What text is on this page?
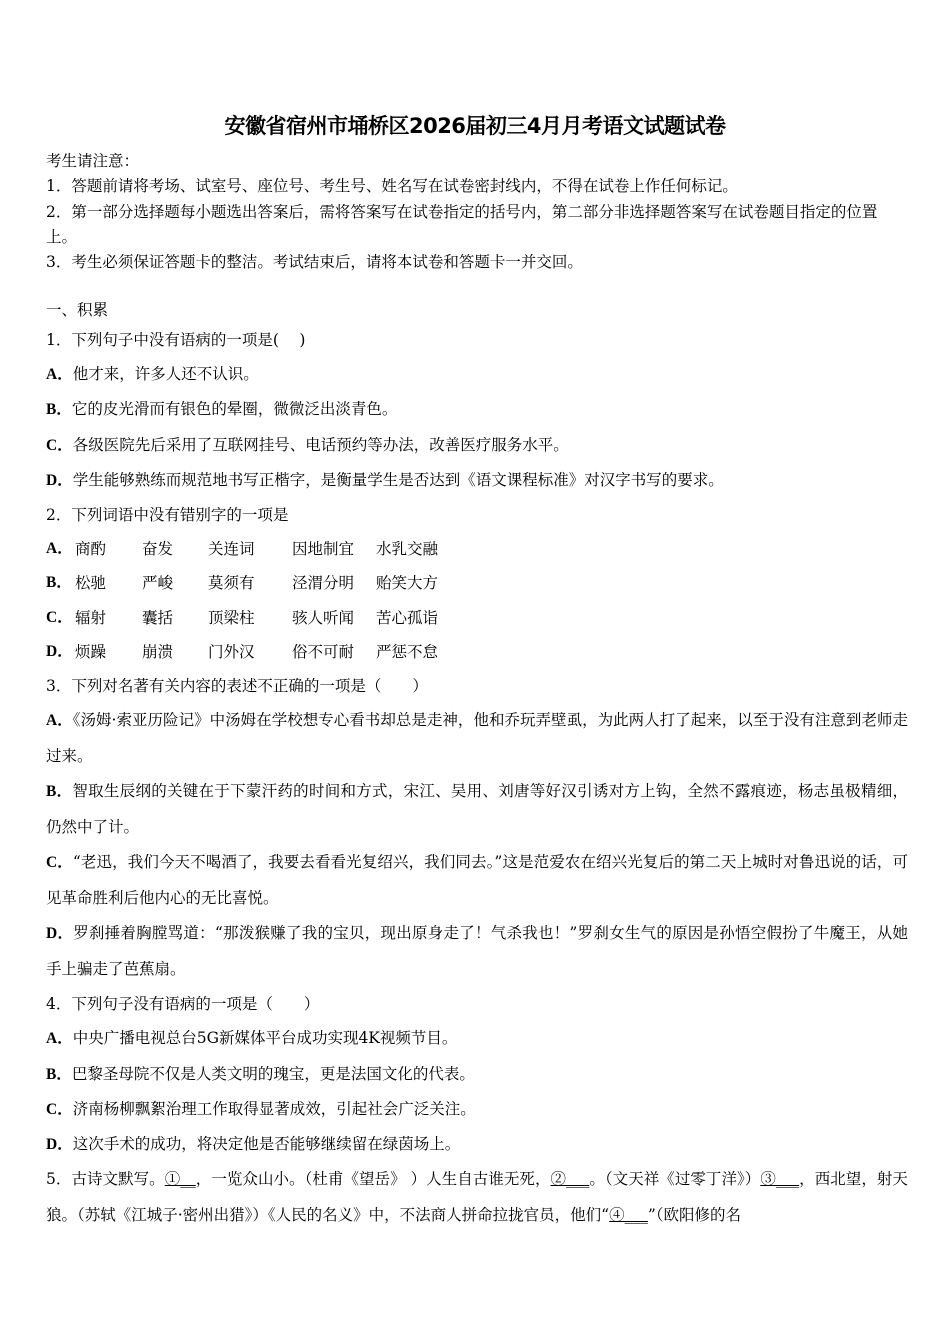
安徽省宿州市埇桥区2026届初三4月月考语文试题试卷
考生请注意：
1．答题前请将考场、试室号、座位号、考生号、姓名写在试卷密封线内，不得在试卷上作任何标记。
2．第一部分选择题每小题选出答案后，需将答案写在试卷指定的括号内，第二部分非选择题答案写在试卷题目指定的位置上。
3．考生必须保证答题卡的整洁。考试结束后，请将本试卷和答题卡一并交回。
一、积累
1．下列句子中没有语病的一项是(　 )
A．他才来，许多人还不认识。
B．它的皮光滑而有银色的晕圈，微微泛出淡青色。
C．各级医院先后采用了互联网挂号、电话预约等办法，改善医疗服务水平。
D．学生能够熟练而规范地书写正楷字，是衡量学生是否达到《语文课程标准》对汉字书写的要求。
2．下列词语中没有错别字的一项是
A． 商酌	奋发	关连词	因地制宜	水乳交融
B． 松驰	严峻	莫须有	泾渭分明	贻笑大方
C． 辐射	囊括	顶梁柱	骇人听闻	苦心孤诣
D． 烦躁	崩溃	门外汉	俗不可耐	严惩不怠
3．下列对名著有关内容的表述不正确的一项是（　　）
A．《汤姆·索亚历险记》中汤姆在学校想专心看书却总是走神，他和乔玩弄壁虱，为此两人打了起来，以至于没有注意到老师走过来。
B．智取生辰纲的关键在于下蒙汗药的时间和方式，宋江、吴用、刘唐等好汉引诱对方上钩，全然不露痕迹，杨志虽极精细，仍然中了计。
C．“老迅，我们今天不喝酒了，我要去看看光复绍兴，我们同去。”这是范爱农在绍兴光复后的第二天上城时对鲁迅说的话，可见革命胜利后他内心的无比喜悦。
D．罗刹捶着胸膛骂道：“那泼猴赚了我的宝贝，现出原身走了！气杀我也！”罗刹女生气的原因是孙悟空假扮了牛魔王，从她手上骗走了芭蕉扇。
4．下列句子没有语病的一项是（　　）
A．中央广播电视总台5G新媒体平台成功实现4K视频节目。
B．巴黎圣母院不仅是人类文明的瑰宝，更是法国文化的代表。
C．济南杨柳飘絮治理工作取得显著成效，引起社会广泛关注。
D．这次手术的成功，将决定他是否能够继续留在绿茵场上。
5．古诗文默写。①__，一览众山小。（杜甫《望岳》 ）人生自古谁无死，②___。（文天祥《过零丁洋》）③___，西北望，射天狼。（苏轼《江城子·密州出猎》）《人民的名义》中，不法商人拼命拉拢官员，他们“④___”（欧阳修的名
